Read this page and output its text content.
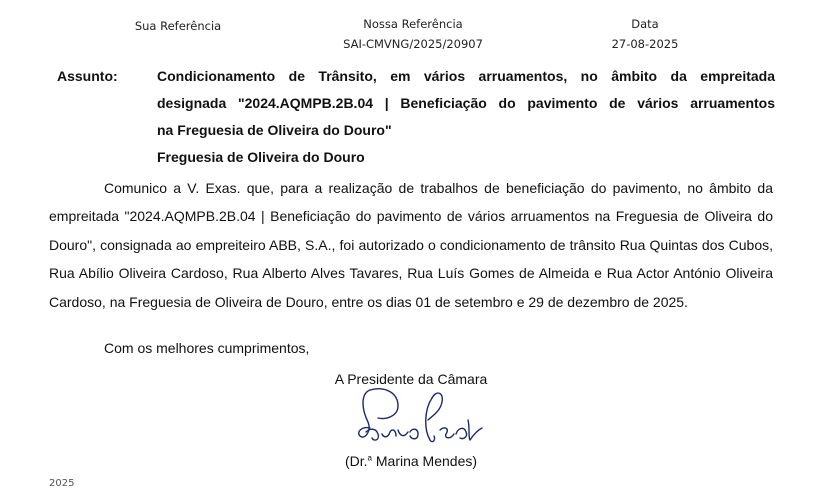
Sua Referência	Nossa Referência
SAI-CMVNG/2025/20907
Data
27-08-2025
Assunto:	Condicionamento de Trânsito, em vários arruamentos, no âmbito da empreitada
designada "2024.AQMPB.2B.04 | Beneficiação do pavimento de vários arruamentos
na Freguesia de Oliveira do Douro"
Freguesia de Oliveira do Douro
Comunico a V. Exas. que, para a realização de trabalhos de beneficiação do pavimento, no âmbito da empreitada "2024.AQMPB.2B.04 | Beneficiação do pavimento de vários arruamentos na Freguesia de Oliveira do Douro", consignada ao empreiteiro ABB, S.A., foi autorizado o condicionamento de trânsito Rua Quintas dos Cubos, Rua Abílio Oliveira Cardoso, Rua Alberto Alves Tavares, Rua Luís Gomes de Almeida e Rua Actor António Oliveira Cardoso, na Freguesia de Oliveira de Douro, entre os dias 01 de setembro e 29 de dezembro de 2025.
Com os melhores cumprimentos,
A Presidente da Câmara
(Dr.$^a$ Marina Mendes)
2025
